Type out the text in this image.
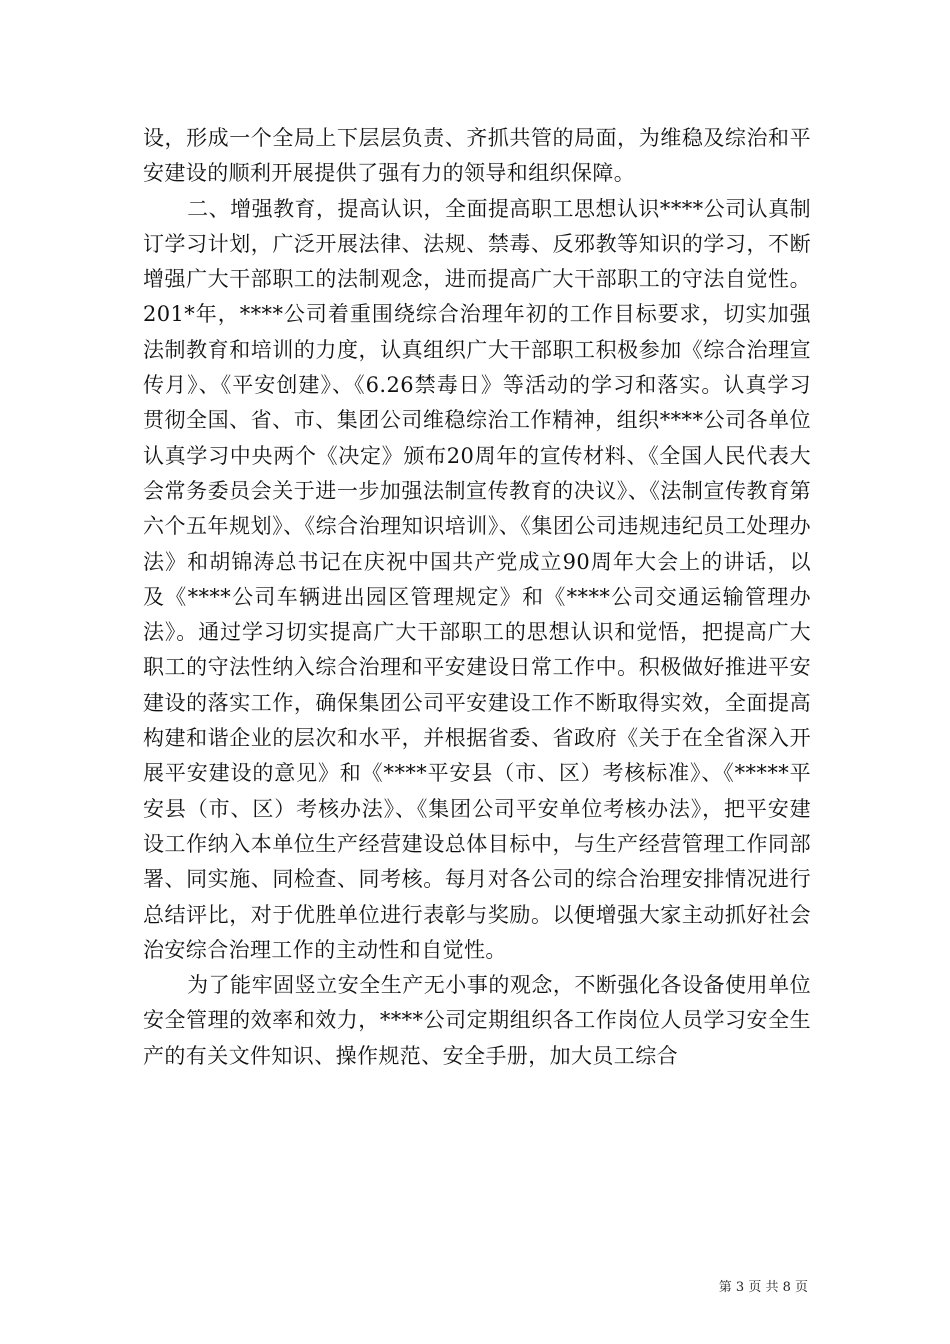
设，形成一个全局上下层层负责、齐抓共管的局面，为维稳及综治和平安建设的顺利开展提供了强有力的领导和组织保障。

二、增强教育，提高认识，全面提高职工思想认识****公司认真制订学习计划，广泛开展法律、法规、禁毒、反邪教等知识的学习，不断增强广大干部职工的法制观念，进而提高广大干部职工的守法自觉性。201*年，****公司着重围绕综合治理年初的工作目标要求，切实加强法制教育和培训的力度，认真组织广大干部职工积极参加《综合治理宣传月》、《平安创建》、《6.26禁毒日》等活动的学习和落实。认真学习贯彻全国、省、市、集团公司维稳综治工作精神，组织****公司各单位认真学习中央两个《决定》颁布20周年的宣传材料、《全国人民代表大会常务委员会关于进一步加强法制宣传教育的决议》、《法制宣传教育第六个五年规划》、《综合治理知识培训》、《集团公司违规违纪员工处理办法》和胡锦涛总书记在庆祝中国共产党成立90周年大会上的讲话，以及《****公司车辆进出园区管理规定》和《****公司交通运输管理办法》。通过学习切实提高广大干部职工的思想认识和觉悟，把提高广大职工的守法性纳入综合治理和平安建设日常工作中。积极做好推进平安建设的落实工作，确保集团公司平安建设工作不断取得实效，全面提高构建和谐企业的层次和水平，并根据省委、省政府《关于在全省深入开展平安建设的意见》和《****平安县（市、区）考核标准》、《*****平安县（市、区）考核办法》、《集团公司平安单位考核办法》，把平安建设工作纳入本单位生产经营建设总体目标中，与生产经营管理工作同部署、同实施、同检查、同考核。每月对各公司的综合治理安排情况进行总结评比，对于优胜单位进行表彰与奖励。以便增强大家主动抓好社会治安综合治理工作的主动性和自觉性。

为了能牢固竖立安全生产无小事的观念，不断强化各设备使用单位安全管理的效率和效力，****公司定期组织各工作岗位人员学习安全生产的有关文件知识、操作规范、安全手册，加大员工综合

第 3 页 共 8 页
